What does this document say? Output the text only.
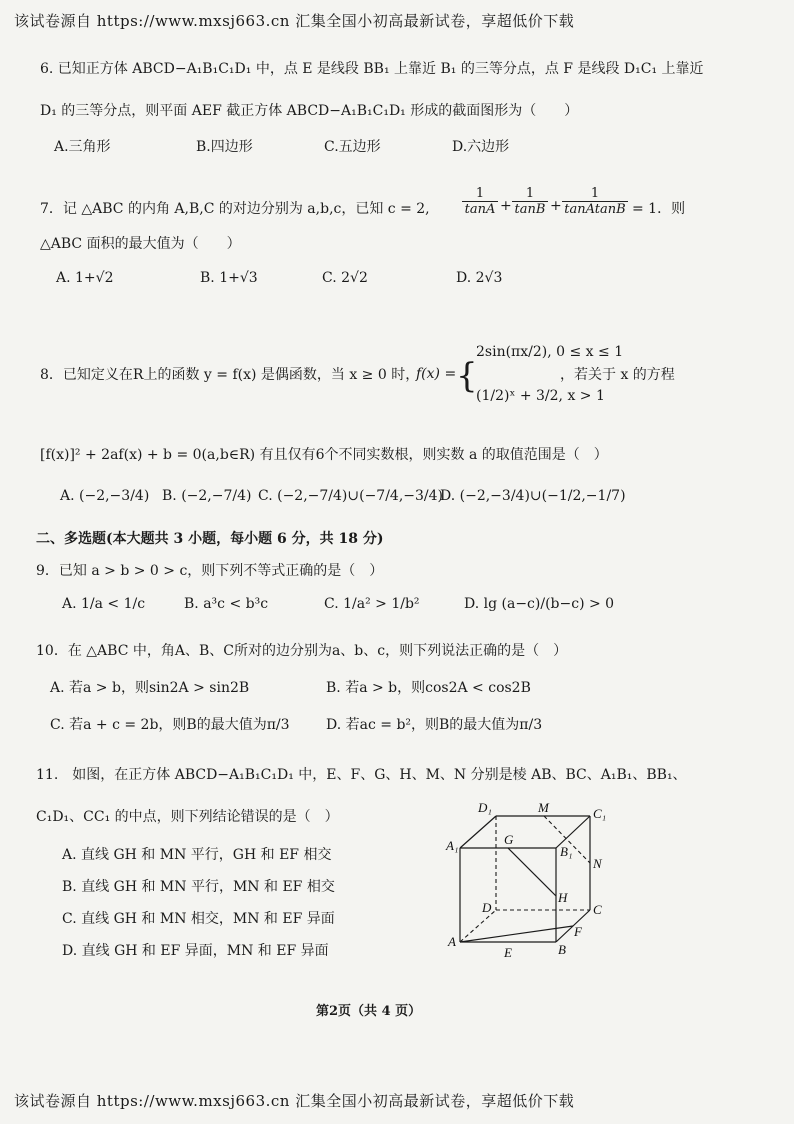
该试卷源自 https://www.mxsj663.cn 汇集全国小初高最新试卷，享超低价下载
6. 已知正方体 ABCD−A₁B₁C₁D₁ 中，点 E 是线段 BB₁ 上靠近 B₁ 的三等分点，点 F 是线段 D₁C₁ 上靠近
D₁ 的三等分点，则平面 AEF 截正方体 ABCD−A₁B₁C₁D₁ 形成的截面图形为（　　）
A.三角形	B.四边形	C.五边形	D.六边形
7．记 △ABC 的内角 A,B,C 的对边分别为 a,b,c，已知 c = 2, $\frac{1}{\tan A} + \frac{1}{\tan B} + \frac{1}{\text{tanAtanB}} = 1$．则
△ABC 面积的最大值为（　　）
A. 1+√2	B. 1+√3	C. 2√2	D. 2√3
8．已知定义在R上的函数 y = f(x) 是偶函数，当 x ≥ 0 时，
f(x) = {
2sin(πx/2), 0 ≤ x ≤ 1
(1/2)ˣ + 3/2, x > 1
，若关于 x 的方程
[f(x)]² + 2af(x) + b = 0(a,b∈R) 有且仅有6个不同实数根，则实数 a 的取值范围是（　）
A. (−2,−3/4) B. (−2,−7/4) C. (−2,−7/4)∪(−7/4,−3/4)
D. (−2,−3/4)∪(−1/2,−1/7)
二、多选题(本大题共 3 小题，每小题 6 分，共 18 分)
9．已知 a > b > 0 > c，则下列不等式正确的是（　）
A. 1/a < 1/c	B. a³c < b³c	C. 1/a² > 1/b²	D. lg (a−c)/(b−c) > 0
10．在 △ABC 中，角A、B、C所对的边分别为a、b、c，则下列说法正确的是（　）
A. 若a > b，则sin2A > sin2B	B. 若a > b，则cos2A < cos2B
C. 若a + c = 2b，则B的最大值为π/3	D. 若ac = b²，则B的最大值为π/3
11.　如图，在正方体 ABCD−A₁B₁C₁D₁ 中，E、F、G、H、M、N 分别是棱 AB、BC、A₁B₁、BB₁、
C₁D₁、CC₁ 的中点，则下列结论错误的是（　）
A. 直线 GH 和 MN 平行，GH 和 EF 相交
B. 直线 GH 和 MN 平行，MN 和 EF 相交
C. 直线 GH 和 MN 相交，MN 和 EF 异面
D. 直线 GH 和 EF 异面，MN 和 EF 异面
D₁	M	C₁
A₁	G
B₁
N
D
H
C
A
F
E	B
第2页（共 4 页）
该试卷源自 https://www.mxsj663.cn 汇集全国小初高最新试卷，享超低价下载
